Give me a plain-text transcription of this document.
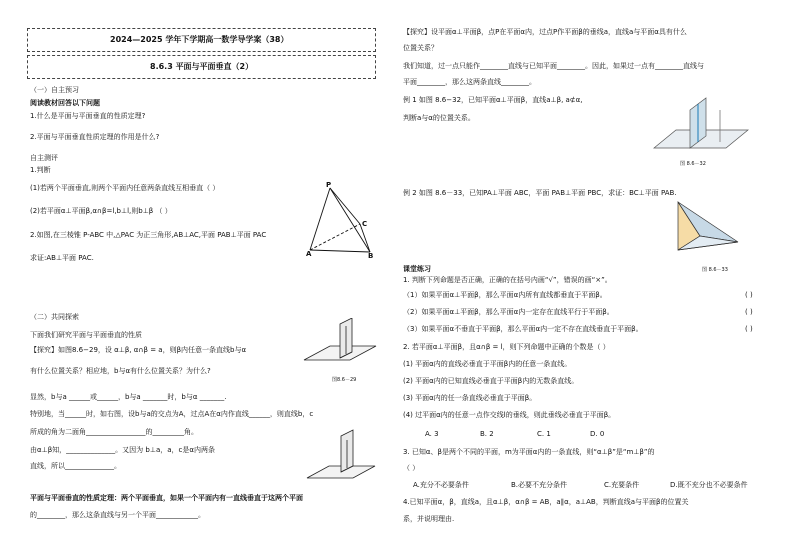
2024—2025 学年下学期高一数学导学案（38）
8.6.3 平面与平面垂直（2）
（一）自主预习
阅读教材回答以下问题
1.什么是平面与平面垂直的性质定理?
2.平面与平面垂直性质定理的作用是什么?
自主测评
1.判断
(1)若两个平面垂直,则两个平面内任意两条直线互相垂直（ ）
(2)若平面α⊥平面β,α∩β=l,b⊥l,则b⊥β （ ）
2.如图,在三棱锥 P-ABC 中,△PAC 为正三角形,AB⊥AC,平面 PAB⊥平面 PAC
求证:AB⊥平面 PAC.
P
C
A	B
（二）共同探索
下面我们研究平面与平面垂直的性质
【探究】如图8.6−29，设 α⊥β, α∩β = a，则β内任意一条直线b与α
有什么位置关系？相应地，b与α有什么位置关系？为什么?
图8.6－29
显然，b与a ______或______，b与a _______时，b与α _______.
特别地，当______时，如右图，设b与a的交点为A，过点A在α内作直线______，则直线b，c
所成的角为二面角_________________的_________角。
由α⊥β知，______________。又因为 b⊥a，a，c是α内两条
直线，所以______________。
平面与平面垂直的性质定理：两个平面垂直，如果一个平面内有一直线垂直于这两个平面
的________，那么这条直线与另一个平面____________。
【探究】设平面α⊥平面β，点P在平面α内，过点P作平面β的垂线a，直线a与平面α具有什么
位置关系？
我们知道，过一点只能作________直线与已知平面________。因此，如果过一点有________直线与
平面________，那么这两条直线________。
例 1 如图 8.6−32，已知平面α⊥平面β，直线a⊥β, a⊄α,
判断a与α的位置关系。
图 8.6－32
例 2 如图 8.6－33，已知PA⊥平面 ABC，平面 PAB⊥平面 PBC，求证：BC⊥平面 PAB.
图 8.6－33
课堂练习
1. 判断下列命题是否正确，正确的在括号内画“√”，错误的画“×”。
（1）如果平面α⊥平面β，那么平面α内所有直线都垂直于平面β。	( )
（2）如果平面α⊥平面β，那么平面α内一定存在直线平行于平面β。	( )
（3）如果平面α不垂直于平面β，那么平面α内一定不存在直线垂直于平面β。	( )
2. 若平面α⊥平面β，且α∩β = l，则下列命题中正确的个数是（ ）
(1) 平面α内的直线必垂直于平面β内的任意一条直线。
(2) 平面α内的已知直线必垂直于平面β内的无数条直线。
(3) 平面α内的任一条直线必垂直于平面β。
(4) 过平面α内的任意一点作交线l的垂线，则此垂线必垂直于平面β。
A. 3	B. 2	C. 1	D. 0
3. 已知α、β是两个不同的平面，m为平面α内的一条直线，则“α⊥β”是“m⊥β”的
（ ）
A.充分不必要条件	B.必要不充分条件	C.充要条件	D.既不充分也不必要条件
4.已知平面α，β，直线a，且α⊥β，α∩β = AB，a∥α，a⊥AB，判断直线a与平面β的位置关
系，并说明理由.
